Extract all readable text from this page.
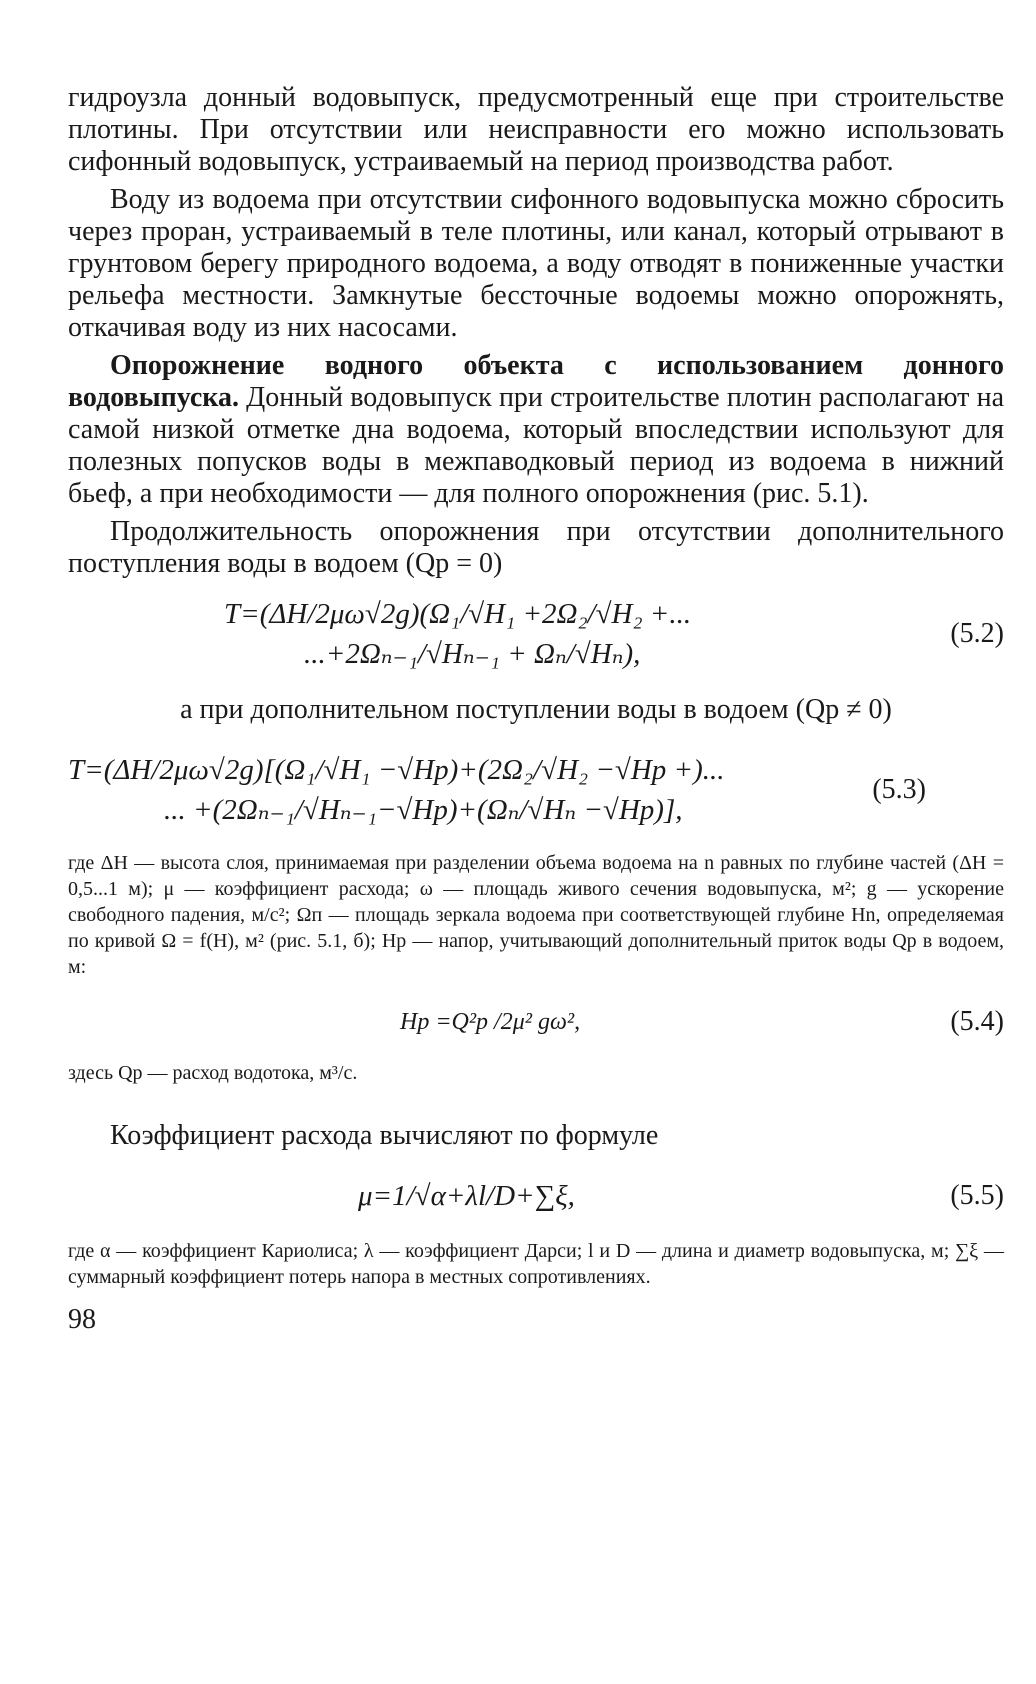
гидроузла донный водовыпуск, предусмотренный еще при строительстве плотины. При отсутствии или неисправности его можно использовать сифонный водовыпуск, устраиваемый на период производства работ.

Воду из водоема при отсутствии сифонного водовыпуска можно сбросить через проран, устраиваемый в теле плотины, или канал, который отрывают в грунтовом берегу природного водоема, а воду отводят в пониженные участки рельефа местности. Замкнутые бессточные водоемы можно опорожнять, откачивая воду из них насосами.

Опорожнение водного объекта с использованием донного водовыпуска. Донный водовыпуск при строительстве плотин располагают на самой низкой отметке дна водоема, который впоследствии используют для полезных попусков воды в межпаводковый период из водоема в нижний бьеф, а при необходимости — для полного опорожнения (рис. 5.1).

Продолжительность опорожнения при отсутствии дополнительного поступления воды в водоем (Qр = 0)

T=(ΔH/2μω√2g)(Ω₁/√H₁ +2Ω₂/√H₂ +...
...+2Ωₙ₋₁/√Hₙ₋₁ + Ωₙ/√Hₙ),
(5.2)

а при дополнительном поступлении воды в водоем (Qр ≠ 0)

T=(ΔH/2μω√2g)[(Ω₁/√H₁ −√Hр)+(2Ω₂/√H₂ −√Hр +)...
... +(2Ωₙ₋₁/√Hₙ₋₁−√Hр)+(Ωₙ/√Hₙ −√Hр)],
(5.3)

где ΔH — высота слоя, принимаемая при разделении объема водоема на n равных по глубине частей (ΔH = 0,5...1 м); μ — коэффициент расхода; ω — площадь живого сечения водовыпуска, м²; g — ускорение свободного падения, м/с²; Ωп — площадь зеркала водоема при соответствующей глубине Hn, определяемая по кривой Ω = f(H), м² (рис. 5.1, б); Hp — напор, учитывающий дополнительный приток воды Qp в водоем, м:

Hр =Q²р /2μ² gω²,	(5.4)

здесь Qр — расход водотока, м³/с.

Коэффициент расхода вычисляют по формуле

μ=1/√α+λl/D+∑ξ,	(5.5)

где α — коэффициент Кариолиса; λ — коэффициент Дарси; l и D — длина и диаметр водовыпуска, м; ∑ξ — суммарный коэффициент потерь напора в местных сопротивлениях.

98
